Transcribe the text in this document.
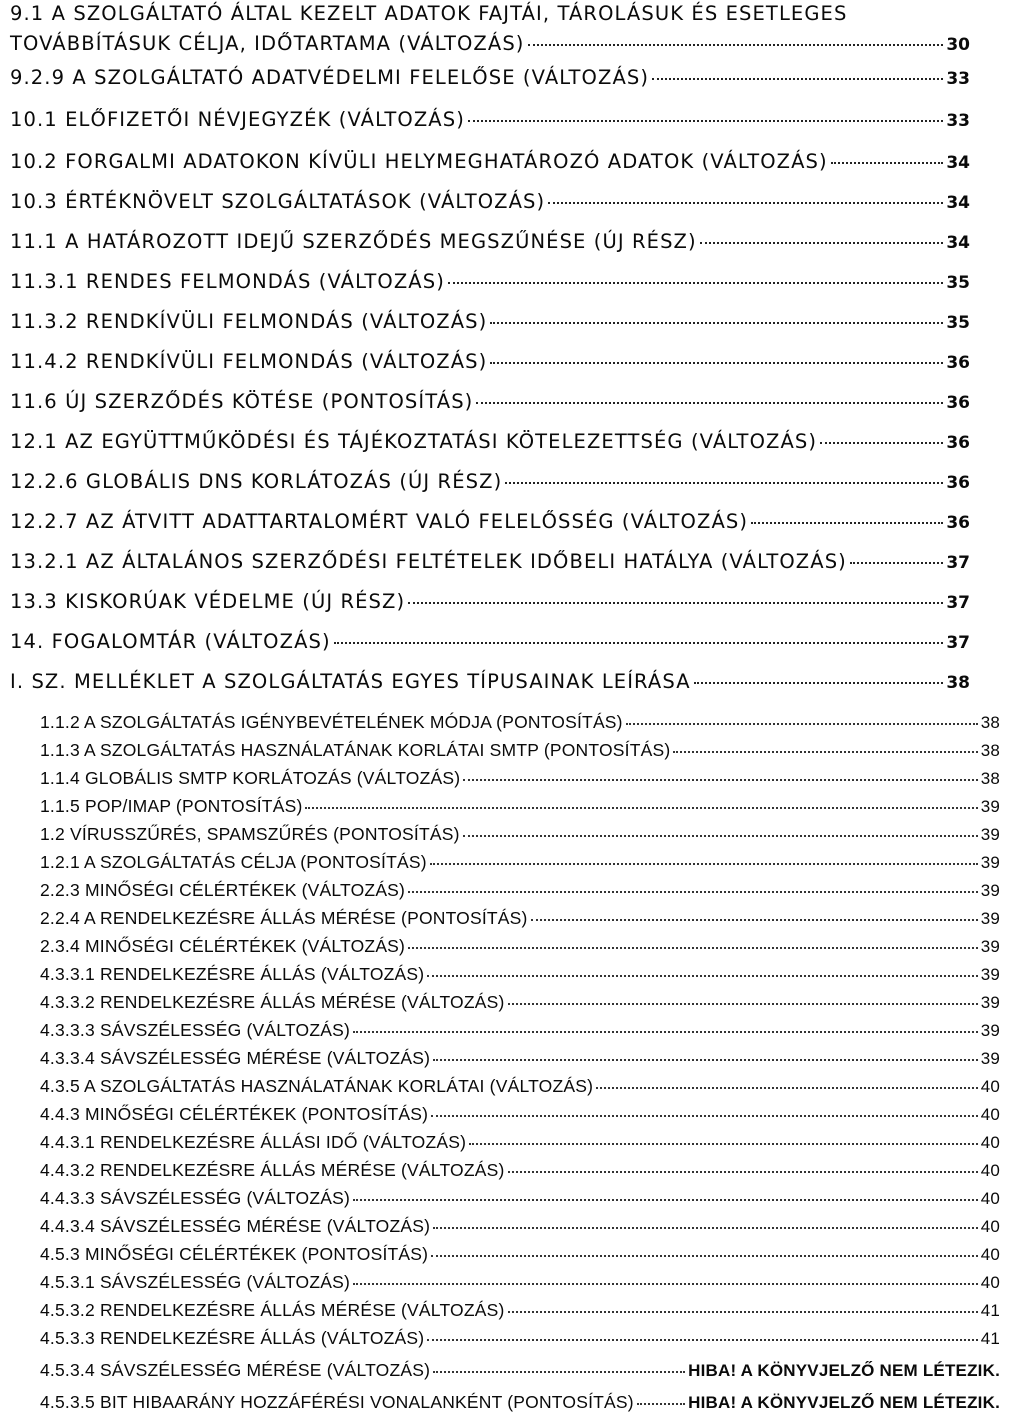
9.1 A SZOLGÁLTATÓ ÁLTAL KEZELT ADATOK FAJTÁI, TÁROLÁSUK ÉS ESETLEGES
TOVÁBBÍTÁSUK CÉLJA, IDŐTARTAMA (VÁLTOZÁS)	30
9.2.9 A SZOLGÁLTATÓ ADATVÉDELMI FELELŐSE (VÁLTOZÁS)	33
10.1 ELŐFIZETŐI NÉVJEGYZÉK (VÁLTOZÁS)	33
10.2 FORGALMI ADATOKON KÍVÜLI HELYMEGHATÁROZÓ ADATOK (VÁLTOZÁS)	34
10.3 ÉRTÉKNÖVELT SZOLGÁLTATÁSOK (VÁLTOZÁS)	34
11.1 A HATÁROZOTT IDEJŰ SZERZŐDÉS MEGSZŰNÉSE (ÚJ RÉSZ)	34
11.3.1 RENDES FELMONDÁS (VÁLTOZÁS)	35
11.3.2 RENDKÍVÜLI FELMONDÁS (VÁLTOZÁS)	35
11.4.2 RENDKÍVÜLI FELMONDÁS (VÁLTOZÁS)	36
11.6 ÚJ SZERZŐDÉS KÖTÉSE (PONTOSÍTÁS)	36
12.1 AZ EGYÜTTMŰKÖDÉSI ÉS TÁJÉKOZTATÁSI KÖTELEZETTSÉG (VÁLTOZÁS)	36
12.2.6 GLOBÁLIS DNS KORLÁTOZÁS (ÚJ RÉSZ)	36
12.2.7 AZ ÁTVITT ADATTARTALOMÉRT VALÓ FELELŐSSÉG (VÁLTOZÁS)	36
13.2.1 AZ ÁLTALÁNOS SZERZŐDÉSI FELTÉTELEK IDŐBELI HATÁLYA (VÁLTOZÁS)	37
13.3 KISKORÚAK VÉDELME (ÚJ RÉSZ)	37
14. FOGALOMTÁR (VÁLTOZÁS)	37
I. SZ. MELLÉKLET A SZOLGÁLTATÁS EGYES TÍPUSAINAK LEÍRÁSA	38
1.1.2 A SZOLGÁLTATÁS IGÉNYBEVÉTELÉNEK MÓDJA (PONTOSÍTÁS)	38
1.1.3 A SZOLGÁLTATÁS HASZNÁLATÁNAK KORLÁTAI SMTP (PONTOSÍTÁS)	38
1.1.4 GLOBÁLIS SMTP KORLÁTOZÁS (VÁLTOZÁS)	38
1.1.5 POP/IMAP (PONTOSÍTÁS)	39
1.2 VÍRUSSZŰRÉS, SPAMSZŰRÉS (PONTOSÍTÁS)	39
1.2.1 A SZOLGÁLTATÁS CÉLJA (PONTOSÍTÁS)	39
2.2.3 MINŐSÉGI CÉLÉRTÉKEK (VÁLTOZÁS)	39
2.2.4 A RENDELKEZÉSRE ÁLLÁS MÉRÉSE (PONTOSÍTÁS)	39
2.3.4 MINŐSÉGI CÉLÉRTÉKEK (VÁLTOZÁS)	39
4.3.3.1 RENDELKEZÉSRE ÁLLÁS (VÁLTOZÁS)	39
4.3.3.2 RENDELKEZÉSRE ÁLLÁS MÉRÉSE (VÁLTOZÁS)	39
4.3.3.3 SÁVSZÉLESSÉG (VÁLTOZÁS)	39
4.3.3.4 SÁVSZÉLESSÉG MÉRÉSE (VÁLTOZÁS)	39
4.3.5 A SZOLGÁLTATÁS HASZNÁLATÁNAK KORLÁTAI (VÁLTOZÁS)	40
4.4.3 MINŐSÉGI CÉLÉRTÉKEK (PONTOSÍTÁS)	40
4.4.3.1 RENDELKEZÉSRE ÁLLÁSI IDŐ (VÁLTOZÁS)	40
4.4.3.2 RENDELKEZÉSRE ÁLLÁS MÉRÉSE (VÁLTOZÁS)	40
4.4.3.3 SÁVSZÉLESSÉG (VÁLTOZÁS)	40
4.4.3.4 SÁVSZÉLESSÉG MÉRÉSE (VÁLTOZÁS)	40
4.5.3 MINŐSÉGI CÉLÉRTÉKEK (PONTOSÍTÁS)	40
4.5.3.1 SÁVSZÉLESSÉG (VÁLTOZÁS)	40
4.5.3.2 RENDELKEZÉSRE ÁLLÁS MÉRÉSE (VÁLTOZÁS)	41
4.5.3.3 RENDELKEZÉSRE ÁLLÁS (VÁLTOZÁS)	41
4.5.3.4 SÁVSZÉLESSÉG MÉRÉSE (VÁLTOZÁS)	HIBA! A KÖNYVJELZŐ NEM LÉTEZIK.
4.5.3.5 BIT HIBAARÁNY HOZZÁFÉRÉSI VONALANKÉNT (PONTOSÍTÁS)	HIBA! A KÖNYVJELZŐ NEM LÉTEZIK.
